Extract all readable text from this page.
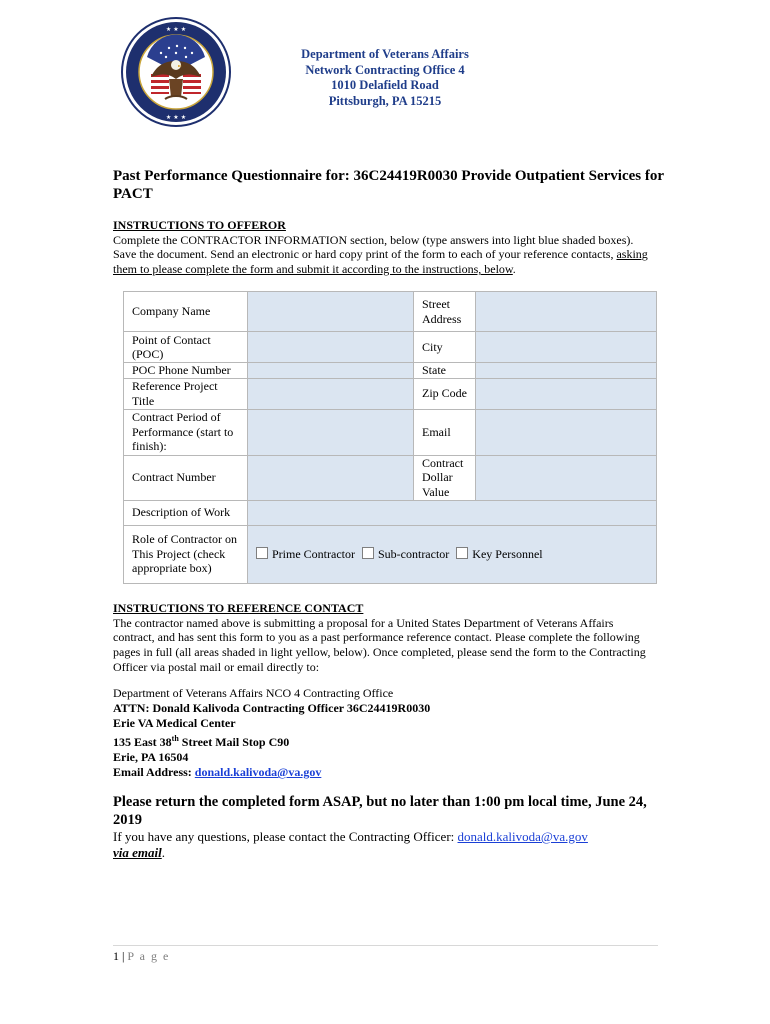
★ ★ ★
★ ★ ★
Department of Veterans Affairs
Network Contracting Office 4
1010 Delafield Road
Pittsburgh, PA 15215
Past Performance Questionnaire for: 36C24419R0030 Provide Outpatient Services for PACT
INSTRUCTIONS TO OFFEROR
Complete the CONTRACTOR INFORMATION section, below (type answers into light blue shaded boxes). Save the document. Send an electronic or hard copy print of the form to each of your reference contacts, asking them to please complete the form and submit it according to the instructions, below.
Company Name		Street Address	
Point of Contact (POC)		City	
POC Phone Number		State	
Reference Project Title		Zip Code	
Contract Period of Performance (start to finish):		Email	
Contract Number		Contract Dollar Value	
Description of Work			
Role of Contractor on This Project (check appropriate box)	Prime Contractor Sub-contractor Key Personnel		
INSTRUCTIONS TO REFERENCE CONTACT
The contractor named above is submitting a proposal for a United States Department of Veterans Affairs contract, and has sent this form to you as a past performance reference contact. Please complete the following pages in full (all areas shaded in light yellow, below). Once completed, please send the form to the Contracting Officer via postal mail or email directly to:
Department of Veterans Affairs NCO 4 Contracting Office
ATTN: Donald Kalivoda Contracting Officer 36C24419R0030
Erie VA Medical Center
135 East 38th Street Mail Stop C90
Erie, PA 16504
Email Address: donald.kalivoda@va.gov
Please return the completed form ASAP, but no later than 1:00 pm local time, June 24, 2019
If you have any questions, please contact the Contracting Officer: donald.kalivoda@va.gov
via email.
1 | P a g e
